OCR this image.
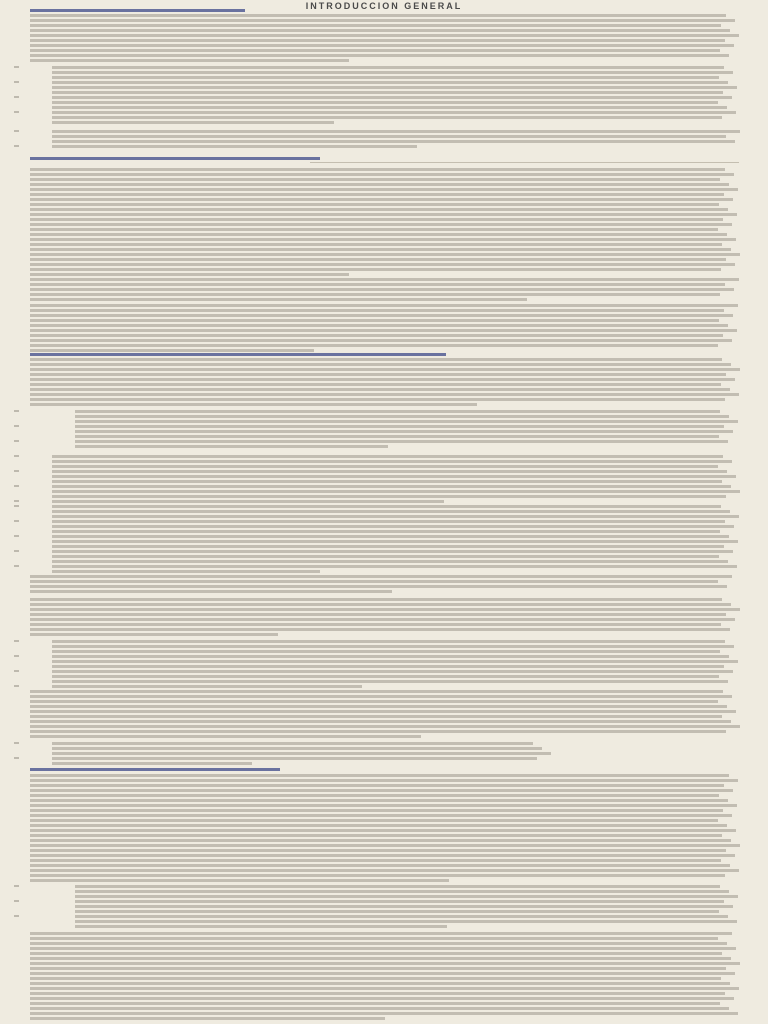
INTRODUCCION GENERAL
